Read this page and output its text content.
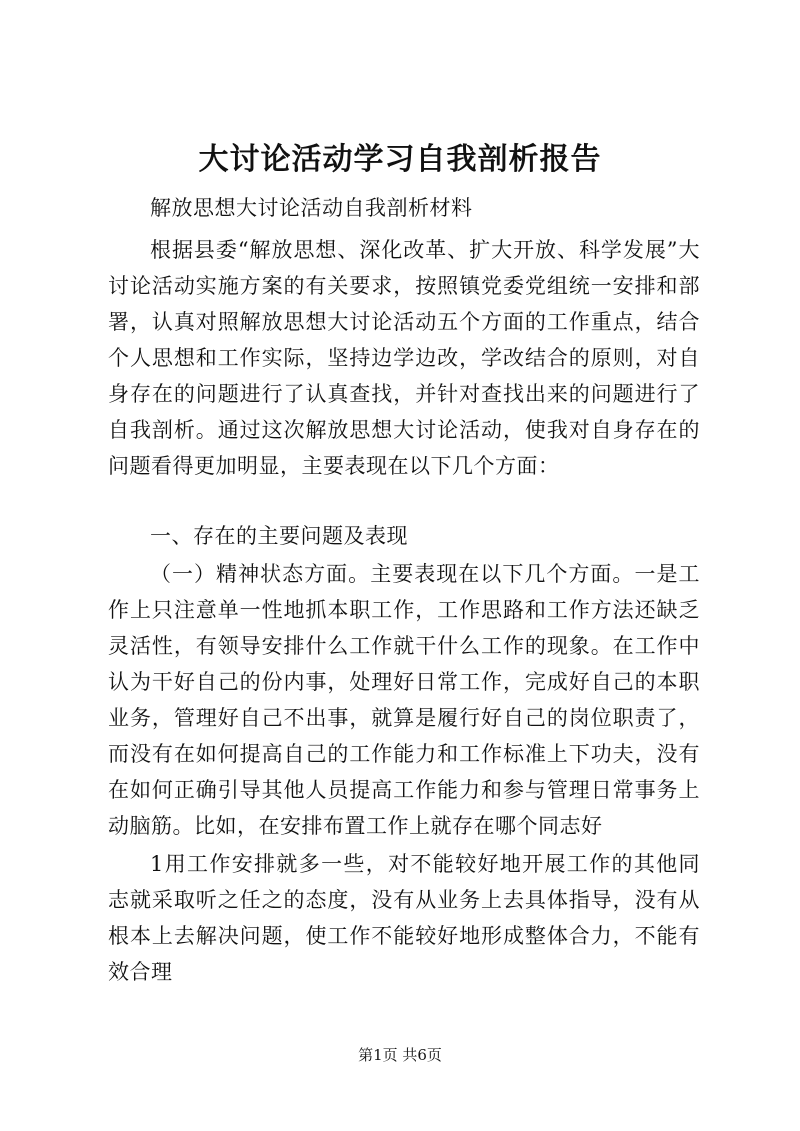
大讨论活动学习自我剖析报告

解放思想大讨论活动自我剖析材料

根据县委“解放思想、深化改革、扩大开放、科学发展”大讨论活动实施方案的有关要求，按照镇党委党组统一安排和部署，认真对照解放思想大讨论活动五个方面的工作重点，结合个人思想和工作实际，坚持边学边改，学改结合的原则，对自身存在的问题进行了认真查找，并针对查找出来的问题进行了自我剖析。通过这次解放思想大讨论活动，使我对自身存在的问题看得更加明显，主要表现在以下几个方面：

一、存在的主要问题及表现

（一）精神状态方面。主要表现在以下几个方面。一是工作上只注意单一性地抓本职工作，工作思路和工作方法还缺乏灵活性，有领导安排什么工作就干什么工作的现象。在工作中认为干好自己的份内事，处理好日常工作，完成好自己的本职业务，管理好自己不出事，就算是履行好自己的岗位职责了，而没有在如何提高自己的工作能力和工作标准上下功夫，没有在如何正确引导其他人员提高工作能力和参与管理日常事务上动脑筋。比如，在安排布置工作上就存在哪个同志好

1用工作安排就多一些，对不能较好地开展工作的其他同志就采取听之任之的态度，没有从业务上去具体指导，没有从根本上去解决问题，使工作不能较好地形成整体合力，不能有效合理

第1页 共6页
